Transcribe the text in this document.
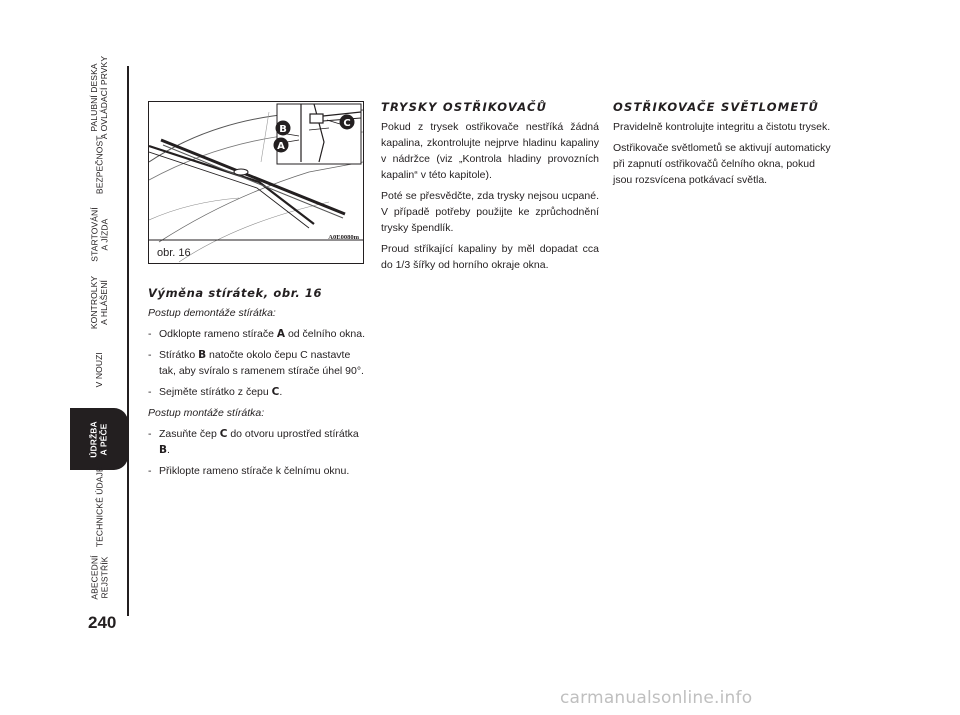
PALUBNÍ DESKA
A OVLÁDACÍ PRVKY
BEZPEČNOST
STARTOVÁNÍ
A JÍZDA
KONTROLKY
A HLÁŠENÍ
V NOUZI
ÚDRŽBA
A PÉČE
TECHNICKÉ ÚDAJE
ABECEDNÍ
REJSTŘÍK
240
B
A
C
A0E0080m
obr. 16
Výměna stírátek, obr. 16
Postup demontáže stírátka:
- Odklopte rameno stírače A od čelního okna.
- Stírátko B natočte okolo čepu C nastavte tak, aby svíralo s ramenem stírače úhel 90°.
- Sejměte stírátko z čepu C.
Postup montáže stírátka:
- Zasuňte čep C do otvoru uprostřed stírátka B.
- Přiklopte rameno stírače k čelnímu oknu.
TRYSKY OSTŘIKOVAČŮ

Pokud z trysek ostřikovače nestříká žádná kapalina, zkontrolujte nejprve hladinu kapaliny v nádržce (viz „Kontrola hladiny provozních kapalin“ v této kapitole).

Poté se přesvědčte, zda trysky nejsou ucpané. V případě potřeby použijte ke zprůchodnění trysky špendlík.

Proud stříkající kapaliny by měl dopadat cca do 1/3 šířky od horního okraje okna.

OSTŘIKOVAČE SVĚTLOMETŮ

Pravidelně kontrolujte integritu a čistotu trysek.

Ostřikovače světlometů se aktivují automaticky při zapnutí ostřikovačů čelního okna, pokud jsou rozsvícena potkávací světla.

carmanualsonline.info
